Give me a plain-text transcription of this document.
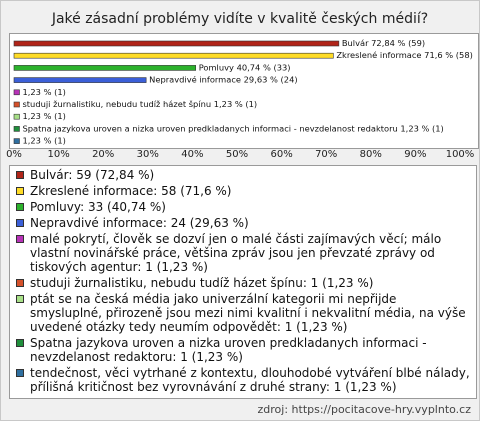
Jaké zásadní problémy vidíte v kvalitě českých médií?
Bulvár 72,84 % (59)
Zkreslené informace 71,6 % (58)
Pomluvy 40,74 % (33)
Nepravdivé informace 29,63 % (24)
1,23 % (1)
studuji žurnalistiku, nebudu tudíž házet špínu 1,23 % (1)
1,23 % (1)
Spatna jazykova uroven a nizka uroven predkladanych informaci - nevzdelanost redaktoru 1,23 % (1)
1,23 % (1)
0%	10% 20% 30% 40% 50% 60% 70% 80% 90% 100%
Bulvár: 59 (72,84 %)
Zkreslené informace: 58 (71,6 %)
Pomluvy: 33 (40,74 %)
Nepravdivé informace: 24 (29,63 %)
malé pokrytí, člověk se dozví jen o malé části zajímavých věcí; málo vlastní novinářské práce, většina zpráv jsou jen převzaté zprávy od tiskových agentur: 1 (1,23 %)
studuji žurnalistiku, nebudu tudíž házet špínu: 1 (1,23 %)
ptát se na česká média jako univerzální kategorii mi nepřijde smysluplné, přirozeně jsou mezi nimi kvalitní i nekvalitní média, na výše uvedené otázky tedy neumím odpovědět: 1 (1,23 %)
Spatna jazykova uroven a nizka uroven predkladanych informaci - nevzdelanost redaktoru: 1 (1,23 %)
tendečnost, věci vytrhané z kontextu, dlouhodobé vytváření blbé nálady, přílišná kritičnost bez vyrovnávání z druhé strany: 1 (1,23 %)
zdroj: https://pocitacove-hry.vyplnto.cz
